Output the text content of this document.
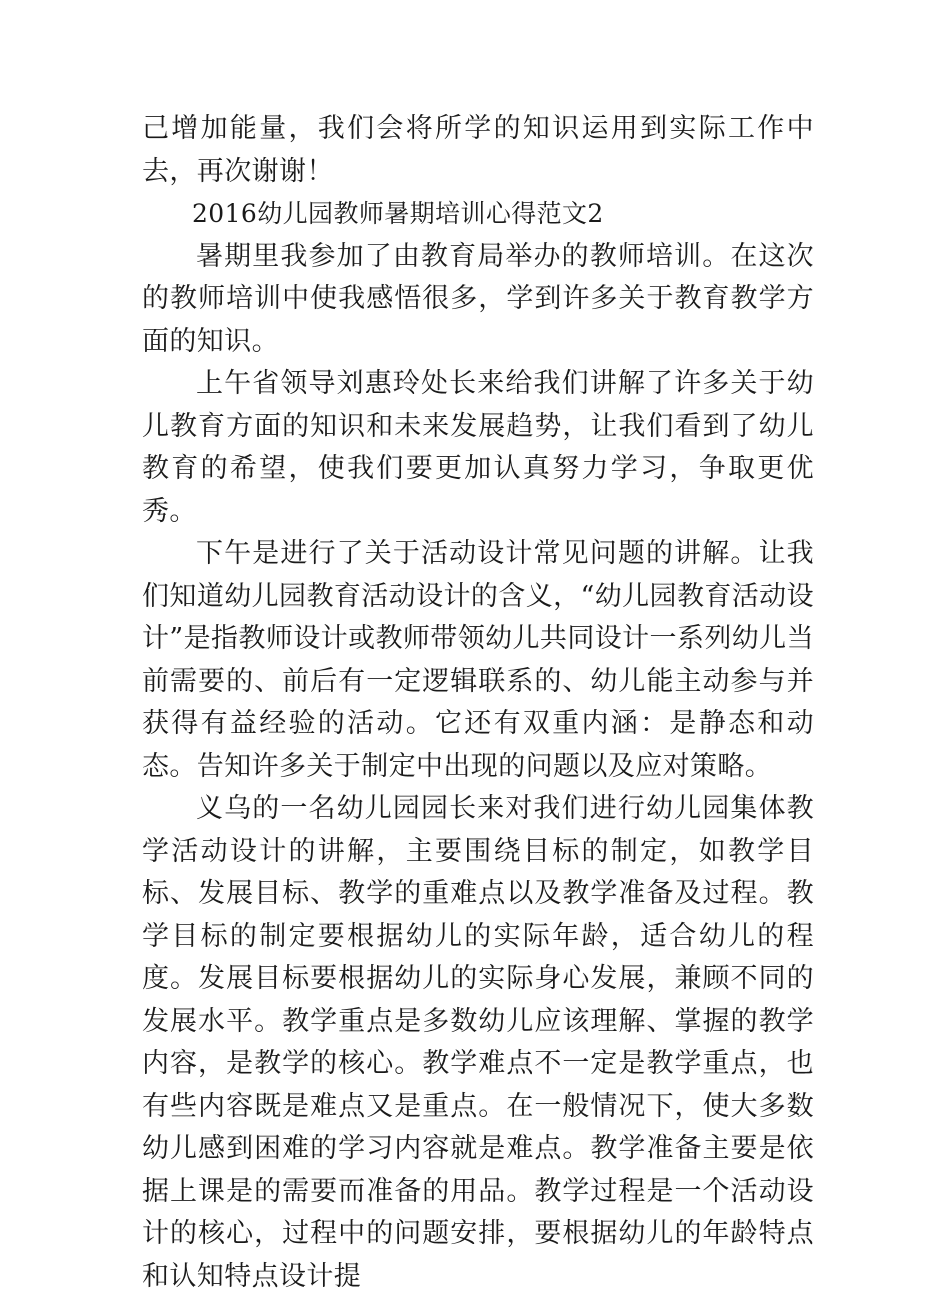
己增加能量，我们会将所学的知识运用到实际工作中去，再次谢谢！

2016幼儿园教师暑期培训心得范文2

暑期里我参加了由教育局举办的教师培训。在这次的教师培训中使我感悟很多，学到许多关于教育教学方面的知识。

上午省领导刘惠玲处长来给我们讲解了许多关于幼儿教育方面的知识和未来发展趋势，让我们看到了幼儿教育的希望，使我们要更加认真努力学习，争取更优秀。

下午是进行了关于活动设计常见问题的讲解。让我们知道幼儿园教育活动设计的含义，“幼儿园教育活动设计”是指教师设计或教师带领幼儿共同设计一系列幼儿当前需要的、前后有一定逻辑联系的、幼儿能主动参与并获得有益经验的活动。它还有双重内涵：是静态和动态。告知许多关于制定中出现的问题以及应对策略。

义乌的一名幼儿园园长来对我们进行幼儿园集体教学活动设计的讲解，主要围绕目标的制定，如教学目标、发展目标、教学的重难点以及教学准备及过程。教学目标的制定要根据幼儿的实际年龄，适合幼儿的程度。发展目标要根据幼儿的实际身心发展，兼顾不同的发展水平。教学重点是多数幼儿应该理解、掌握的教学内容，是教学的核心。教学难点不一定是教学重点，也有些内容既是难点又是重点。在一般情况下，使大多数幼儿感到困难的学习内容就是难点。教学准备主要是依据上课是的需要而准备的用品。教学过程是一个活动设计的核心，过程中的问题安排，要根据幼儿的年龄特点和认知特点设计提
